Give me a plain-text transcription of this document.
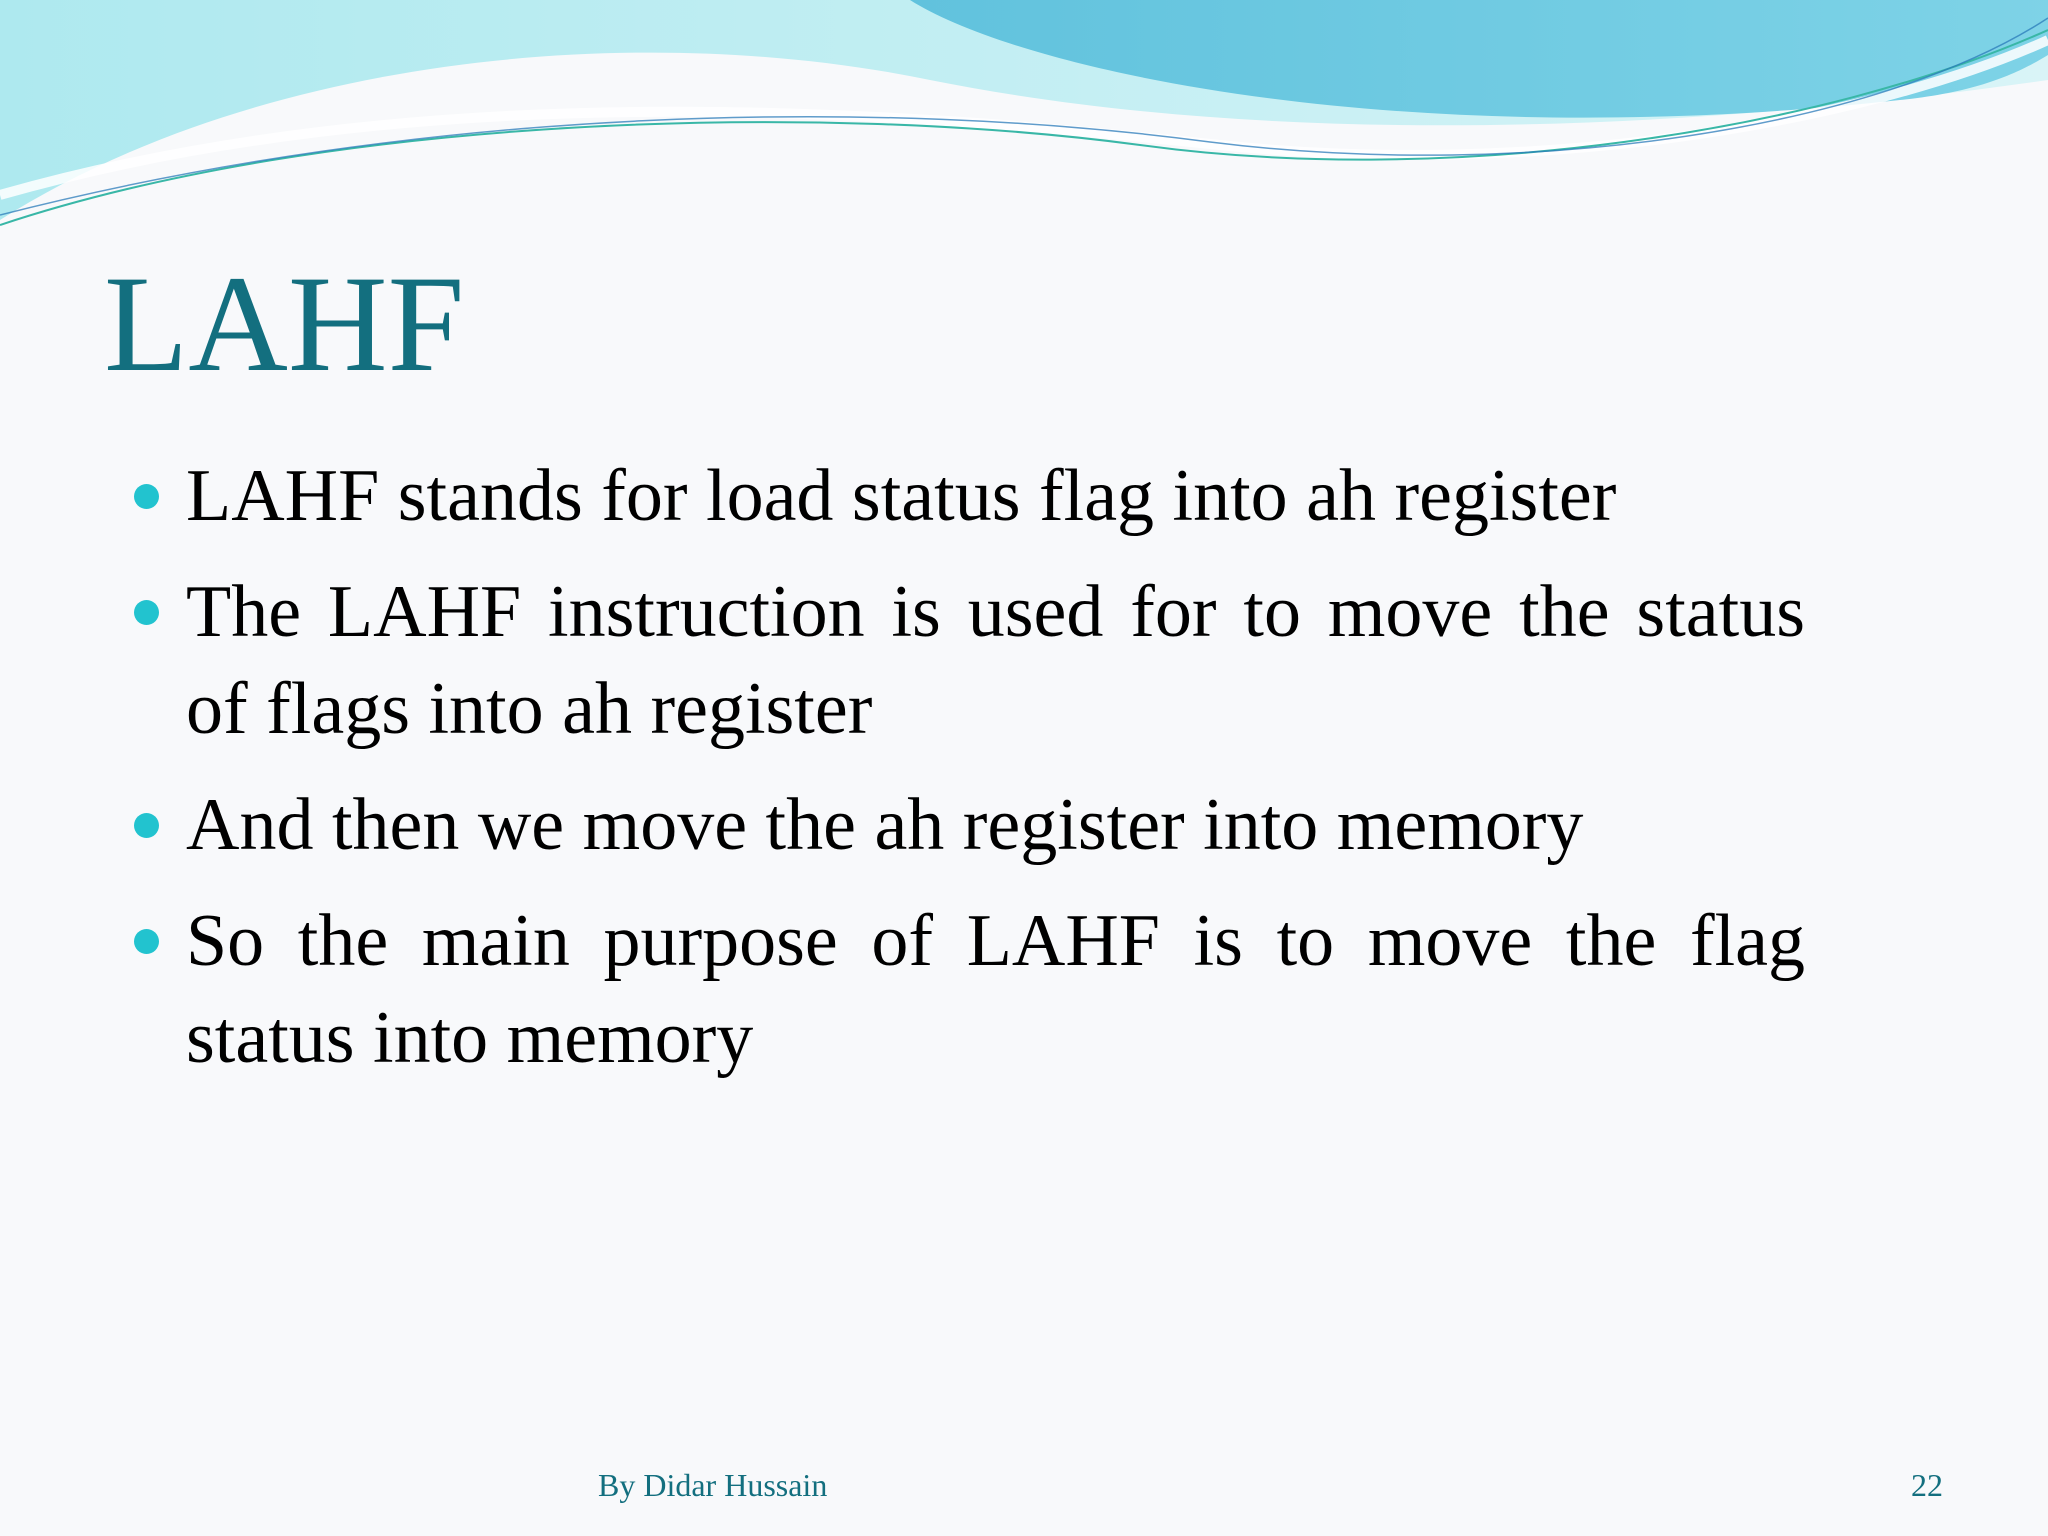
LAHF
LAHF stands for load status flag into ah register
The LAHF instruction is used for to move the status of flags into ah register
And then we move the ah register into memory
So the main purpose of LAHF is to move the flag status into memory
By Didar Hussain	22
